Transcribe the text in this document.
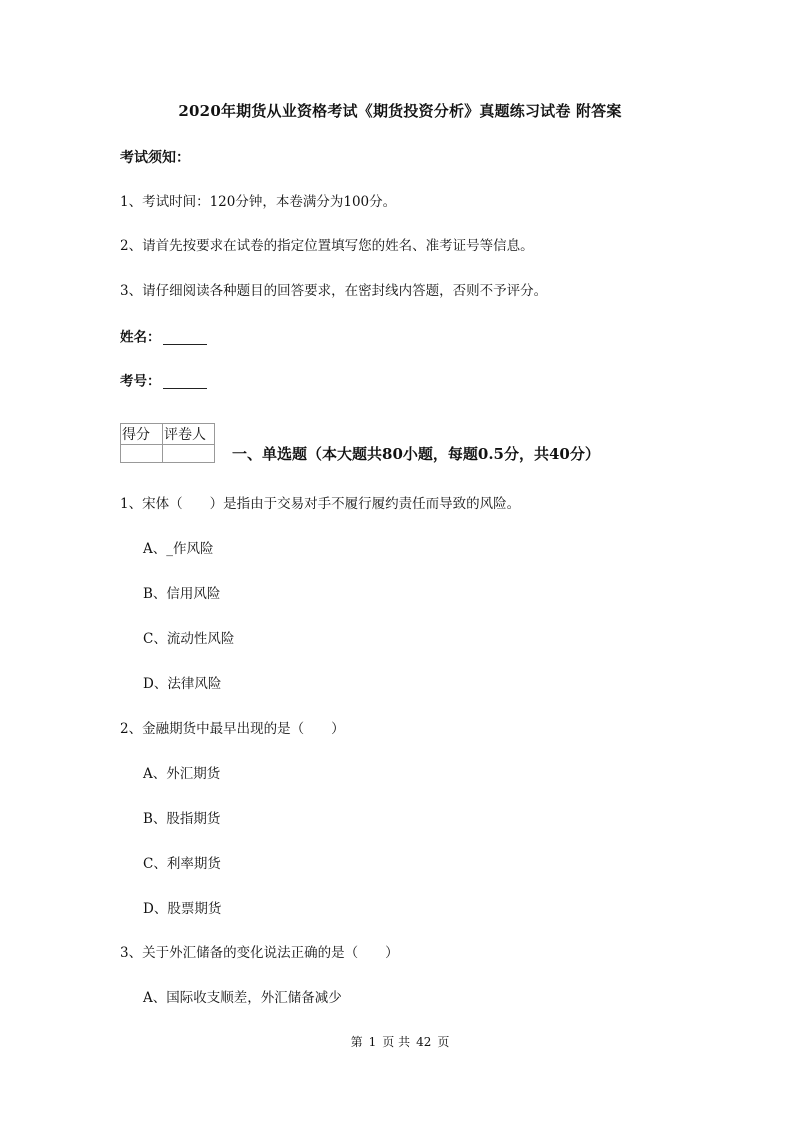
2020年期货从业资格考试《期货投资分析》真题练习试卷 附答案
考试须知：
1、考试时间：120分钟，本卷满分为100分。
2、请首先按要求在试卷的指定位置填写您的姓名、准考证号等信息。
3、请仔细阅读各种题目的回答要求，在密封线内答题，否则不予评分。
姓名：
考号：
得分	评卷人

一、单选题（本大题共80小题，每题0.5分，共40分）
1、宋体（　　）是指由于交易对手不履行履约责任而导致的风险。
A、_作风险
B、信用风险
C、流动性风险
D、法律风险
2、金融期货中最早出现的是（　　）
A、外汇期货
B、股指期货
C、利率期货
D、股票期货
3、关于外汇储备的变化说法正确的是（　　）
A、国际收支顺差，外汇储备减少
第 1 页 共 42 页
